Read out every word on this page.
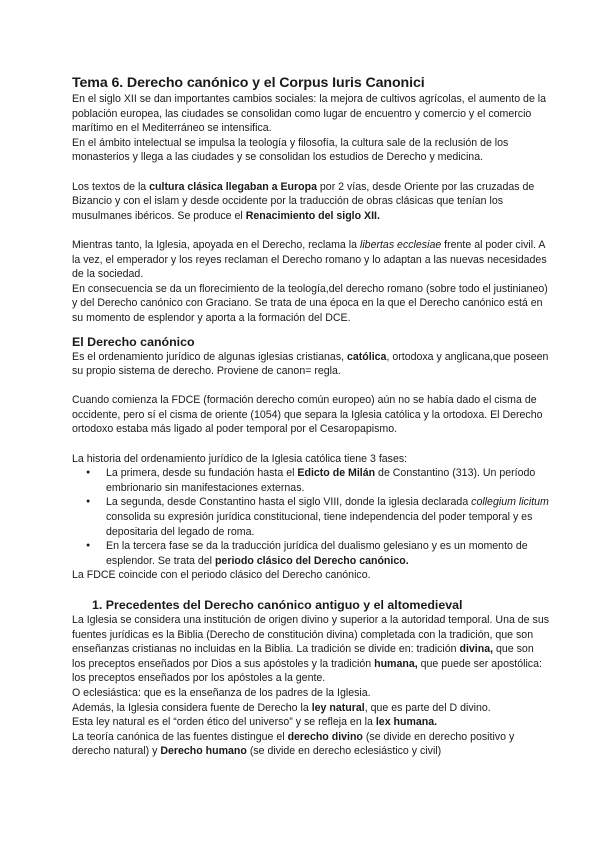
Tema 6. Derecho canónico y el Corpus Iuris Canonici

En el siglo XII se dan importantes cambios sociales: la mejora de cultivos agrícolas, el aumento de la población europea, las ciudades se consolidan como lugar de encuentro y comercio y el comercio marítimo en el Mediterráneo se intensifica.

En el ámbito intelectual se impulsa la teología y filosofía, la cultura sale de la reclusión de los monasterios y llega a las ciudades y se consolidan los estudios de Derecho y medicina.

Los textos de la cultura clásica llegaban a Europa por 2 vías, desde Oriente por las cruzadas de Bizancio y con el islam y desde occidente por la traducción de obras clásicas que tenían los musulmanes ibéricos. Se produce el Renacimiento del siglo XII.

Mientras tanto, la Iglesia, apoyada en el Derecho, reclama la libertas ecclesiae frente al poder civil. A la vez, el emperador y los reyes reclaman el Derecho romano y lo adaptan a las nuevas necesidades de la sociedad.

En consecuencia se da un florecimiento de la teología,del derecho romano (sobre todo el justinianeo) y del Derecho canónico con Graciano. Se trata de una época en la que el Derecho canónico está en su momento de esplendor y aporta a la formación del DCE.

El Derecho canónico

Es el ordenamiento jurídico de algunas iglesias cristianas, católica, ortodoxa y anglicana,que poseen su propio sistema de derecho. Proviene de canon= regla.

Cuando comienza la FDCE (formación derecho común europeo) aún no se había dado el cisma de occidente, pero sí el cisma de oriente (1054) que separa la Iglesia católica y la ortodoxa. El Derecho ortodoxo estaba más ligado al poder temporal por el Cesaropapismo.

La historia del ordenamiento jurídico de la Iglesia católica tiene 3 fases:

● La primera, desde su fundación hasta el Edicto de Milán de Constantino (313). Un período embrionario sin manifestaciones externas.
● La segunda, desde Constantino hasta el siglo VIII, donde la iglesia declarada collegium licitum consolida su expresión jurídica constitucional, tiene independencia del poder temporal y es depositaria del legado de roma.
● En la tercera fase se da la traducción jurídica del dualismo gelesiano y es un momento de esplendor. Se trata del periodo clásico del Derecho canónico.

La FDCE coincide con el periodo clásico del Derecho canónico.

1. Precedentes del Derecho canónico antiguo y el altomedieval

La Iglesia se considera una institución de origen divino y superior a la autoridad temporal. Una de sus fuentes jurídicas es la Biblia (Derecho de constitución divina) completada con la tradición, que son enseñanzas cristianas no incluidas en la Biblia. La tradición se divide en: tradición divina, que son los preceptos enseñados por Dios a sus apóstoles y la tradición humana, que puede ser apostólica: los preceptos enseñados por los apóstoles a la gente.

O eclesiástica: que es la enseñanza de los padres de la Iglesia.

Además, la Iglesia considera fuente de Derecho la ley natural, que es parte del D divino.

Esta ley natural es el “orden ético del universo” y se refleja en la lex humana.

La teoría canónica de las fuentes distingue el derecho divino (se divide en derecho positivo y derecho natural) y Derecho humano (se divide en derecho eclesiástico y civil)
